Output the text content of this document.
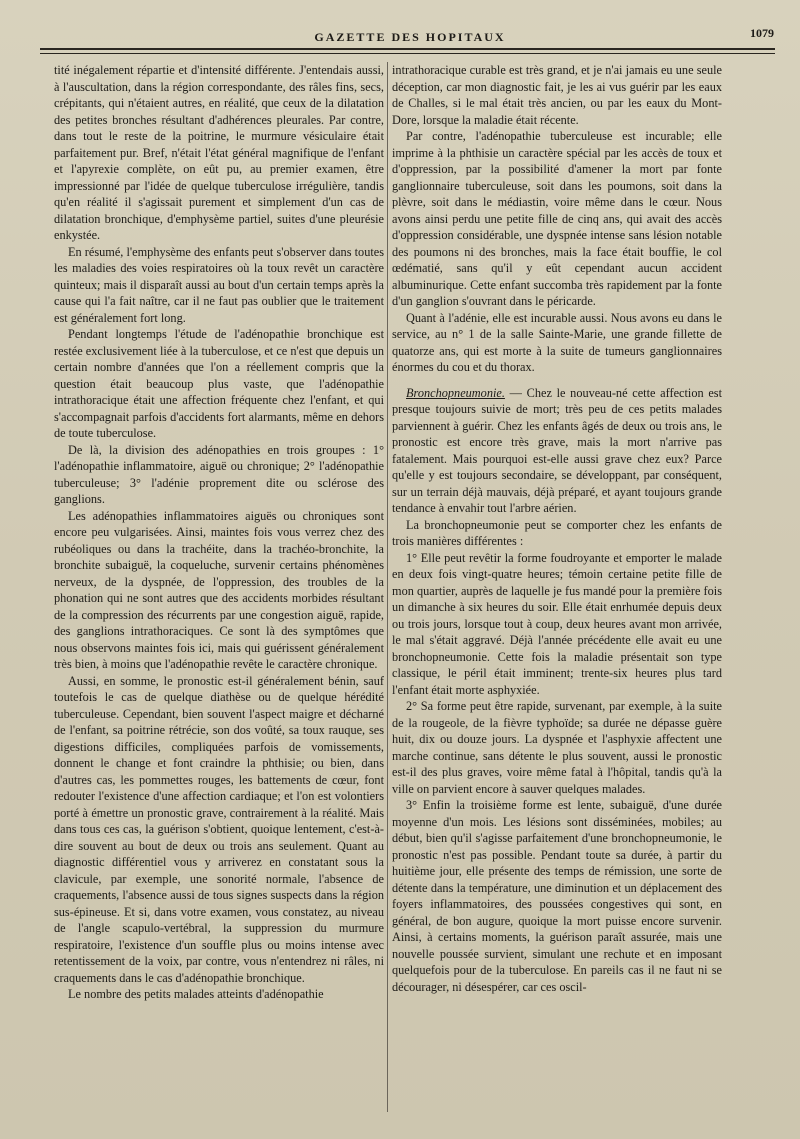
GAZETTE DES HOPITAUX	1079

tité inégalement répartie et d'intensité différente. J'entendais aussi, à l'auscultation, dans la région correspondante, des râles fins, secs, crépitants, qui n'étaient autres, en réalité, que ceux de la dilatation des petites bronches résultant d'adhérences pleurales. Par contre, dans tout le reste de la poitrine, le murmure vésiculaire était parfaitement pur. Bref, n'était l'état général magnifique de l'enfant et l'apyrexie complète, on eût pu, au premier examen, être impressionné par l'idée de quelque tuberculose irrégulière, tandis qu'en réalité il s'agissait purement et simplement d'un cas de dilatation bronchique, d'emphysème partiel, suites d'une pleurésie enkystée.

En résumé, l'emphysème des enfants peut s'observer dans toutes les maladies des voies respiratoires où la toux revêt un caractère quinteux; mais il disparaît aussi au bout d'un certain temps après la cause qui l'a fait naître, car il ne faut pas oublier que le traitement est généralement fort long.

Pendant longtemps l'étude de l'adénopathie bronchique est restée exclusivement liée à la tuberculose, et ce n'est que depuis un certain nombre d'années que l'on a réellement compris que la question était beaucoup plus vaste, que l'adénopathie intrathoracique était une affection fréquente chez l'enfant, et qui s'accompagnait parfois d'accidents fort alarmants, même en dehors de toute tuberculose.

De là, la division des adénopathies en trois groupes : 1° l'adénopathie inflammatoire, aiguë ou chronique; 2° l'adénopathie tuberculeuse; 3° l'adénie proprement dite ou sclérose des ganglions.

Les adénopathies inflammatoires aiguës ou chroniques sont encore peu vulgarisées. Ainsi, maintes fois vous verrez chez des rubéoliques ou dans la trachéite, dans la trachéo-bronchite, la bronchite subaiguë, la coqueluche, survenir certains phénomènes nerveux, de la dyspnée, de l'oppression, des troubles de la phonation qui ne sont autres que des accidents morbides résultant de la compression des récurrents par une congestion aiguë, rapide, des ganglions intrathoraciques. Ce sont là des symptômes que nous observons maintes fois ici, mais qui guérissent généralement très bien, à moins que l'adénopathie revête le caractère chronique.

Aussi, en somme, le pronostic est-il généralement bénin, sauf toutefois le cas de quelque diathèse ou de quelque hérédité tuberculeuse. Cependant, bien souvent l'aspect maigre et décharné de l'enfant, sa poitrine rétrécie, son dos voûté, sa toux rauque, ses digestions difficiles, compliquées parfois de vomissements, donnent le change et font craindre la phthisie; ou bien, dans d'autres cas, les pommettes rouges, les battements de cœur, font redouter l'existence d'une affection cardiaque; et l'on est volontiers porté à émettre un pronostic grave, contrairement à la réalité. Mais dans tous ces cas, la guérison s'obtient, quoique lentement, c'est-à-dire souvent au bout de deux ou trois ans seulement. Quant au diagnostic différentiel vous y arriverez en constatant sous la clavicule, par exemple, une sonorité normale, l'absence de craquements, l'absence aussi de tous signes suspects dans la région sus-épineuse. Et si, dans votre examen, vous constatez, au niveau de l'angle scapulo-vertébral, la suppression du murmure respiratoire, l'existence d'un souffle plus ou moins intense avec retentissement de la voix, par contre, vous n'entendrez ni râles, ni craquements dans le cas d'adénopathie bronchique.

Le nombre des petits malades atteints d'adénopathie

intrathoracique curable est très grand, et je n'ai jamais eu une seule déception, car mon diagnostic fait, je les ai vus guérir par les eaux de Challes, si le mal était très ancien, ou par les eaux du Mont-Dore, lorsque la maladie était récente.

Par contre, l'adénopathie tuberculeuse est incurable; elle imprime à la phthisie un caractère spécial par les accès de toux et d'oppression, par la possibilité d'amener la mort par fonte ganglionnaire tuberculeuse, soit dans les poumons, soit dans la plèvre, soit dans le médiastin, voire même dans le cœur. Nous avons ainsi perdu une petite fille de cinq ans, qui avait des accès d'oppression considérable, une dyspnée intense sans lésion notable des poumons ni des bronches, mais la face était bouffie, le col œdématié, sans qu'il y eût cependant aucun accident albuminurique. Cette enfant succomba très rapidement par la fonte d'un ganglion s'ouvrant dans le péricarde.

Quant à l'adénie, elle est incurable aussi. Nous avons eu dans le service, au n° 1 de la salle Sainte-Marie, une grande fillette de quatorze ans, qui est morte à la suite de tumeurs ganglionnaires énormes du cou et du thorax.

Bronchopneumonie. — Chez le nouveau-né cette affection est presque toujours suivie de mort; très peu de ces petits malades parviennent à guérir. Chez les enfants âgés de deux ou trois ans, le pronostic est encore très grave, mais la mort n'arrive pas fatalement. Mais pourquoi est-elle aussi grave chez eux? Parce qu'elle y est toujours secondaire, se développant, par conséquent, sur un terrain déjà mauvais, déjà préparé, et ayant toujours grande tendance à envahir tout l'arbre aérien.

La bronchopneumonie peut se comporter chez les enfants de trois manières différentes :

1° Elle peut revêtir la forme foudroyante et emporter le malade en deux fois vingt-quatre heures; témoin certaine petite fille de mon quartier, auprès de laquelle je fus mandé pour la première fois un dimanche à six heures du soir. Elle était enrhumée depuis deux ou trois jours, lorsque tout à coup, deux heures avant mon arrivée, le mal s'était aggravé. Déjà l'année précédente elle avait eu une bronchopneumonie. Cette fois la maladie présentait son type classique, le péril était imminent; trente-six heures plus tard l'enfant était morte asphyxiée.

2° Sa forme peut être rapide, survenant, par exemple, à la suite de la rougeole, de la fièvre typhoïde; sa durée ne dépasse guère huit, dix ou douze jours. La dyspnée et l'asphyxie affectent une marche continue, sans détente le plus souvent, aussi le pronostic est-il des plus graves, voire même fatal à l'hôpital, tandis qu'à la ville on parvient encore à sauver quelques malades.

3° Enfin la troisième forme est lente, subaiguë, d'une durée moyenne d'un mois. Les lésions sont disséminées, mobiles; au début, bien qu'il s'agisse parfaitement d'une bronchopneumonie, le pronostic n'est pas possible. Pendant toute sa durée, à partir du huitième jour, elle présente des temps de rémission, une sorte de détente dans la température, une diminution et un déplacement des foyers inflammatoires, des poussées congestives qui sont, en général, de bon augure, quoique la mort puisse encore survenir. Ainsi, à certains moments, la guérison paraît assurée, mais une nouvelle poussée survient, simulant une rechute et en imposant quelquefois pour de la tuberculose. En pareils cas il ne faut ni se décourager, ni désespérer, car ces oscil-
